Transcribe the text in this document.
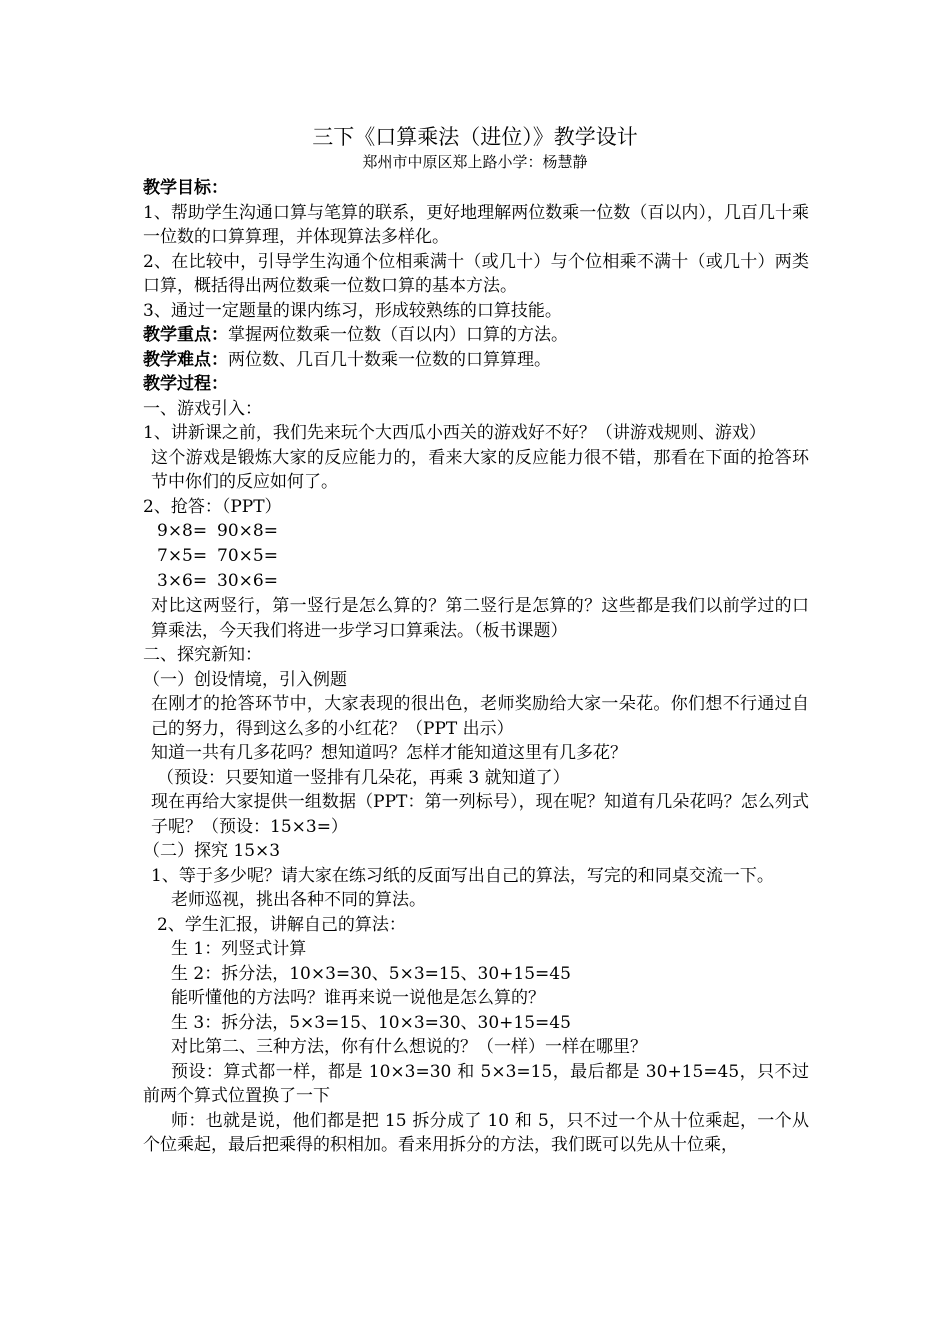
三下《口算乘法（进位）》教学设计
郑州市中原区郑上路小学：杨慧静

教学目标：

1、帮助学生沟通口算与笔算的联系，更好地理解两位数乘一位数（百以内），几百几十乘一位数的口算算理，并体现算法多样化。

2、在比较中，引导学生沟通个位相乘满十（或几十）与个位相乘不满十（或几十）两类口算，概括得出两位数乘一位数口算的基本方法。

3、通过一定题量的课内练习，形成较熟练的口算技能。

教学重点：掌握两位数乘一位数（百以内）口算的方法。

教学难点：两位数、几百几十数乘一位数的口算算理。

教学过程：

一、游戏引入：

1、讲新课之前，我们先来玩个大西瓜小西关的游戏好不好？（讲游戏规则、游戏）

这个游戏是锻炼大家的反应能力的，看来大家的反应能力很不错，那看在下面的抢答环节中你们的反应如何了。

2、抢答：（PPT）

9×8= 90×8=
7×5= 70×5=
3×6= 30×6=

对比这两竖行，第一竖行是怎么算的？第二竖行是怎算的？这些都是我们以前学过的口算乘法，今天我们将进一步学习口算乘法。（板书课题）

二、探究新知：

（一）创设情境，引入例题

在刚才的抢答环节中，大家表现的很出色，老师奖励给大家一朵花。你们想不行通过自己的努力，得到这么多的小红花？（PPT 出示）

知道一共有几多花吗？想知道吗？怎样才能知道这里有几多花？

（预设：只要知道一竖排有几朵花，再乘 3 就知道了）

现在再给大家提供一组数据（PPT：第一列标号），现在呢？知道有几朵花吗？怎么列式子呢？（预设：15×3=）

（二）探究 15×3

1、等于多少呢？请大家在练习纸的反面写出自己的算法，写完的和同桌交流一下。

老师巡视，挑出各种不同的算法。

2、学生汇报，讲解自己的算法：

生 1：列竖式计算

生 2：拆分法，10×3=30、5×3=15、30+15=45

能听懂他的方法吗？谁再来说一说他是怎么算的？

生 3：拆分法，5×3=15、10×3=30、30+15=45

对比第二、三种方法，你有什么想说的？（一样）一样在哪里？

预设：算式都一样，都是 10×3=30 和 5×3=15，最后都是 30+15=45，只不过前两个算式位置换了一下

师：也就是说，他们都是把 15 拆分成了 10 和 5，只不过一个从十位乘起，一个从个位乘起，最后把乘得的积相加。看来用拆分的方法，我们既可以先从十位乘，
